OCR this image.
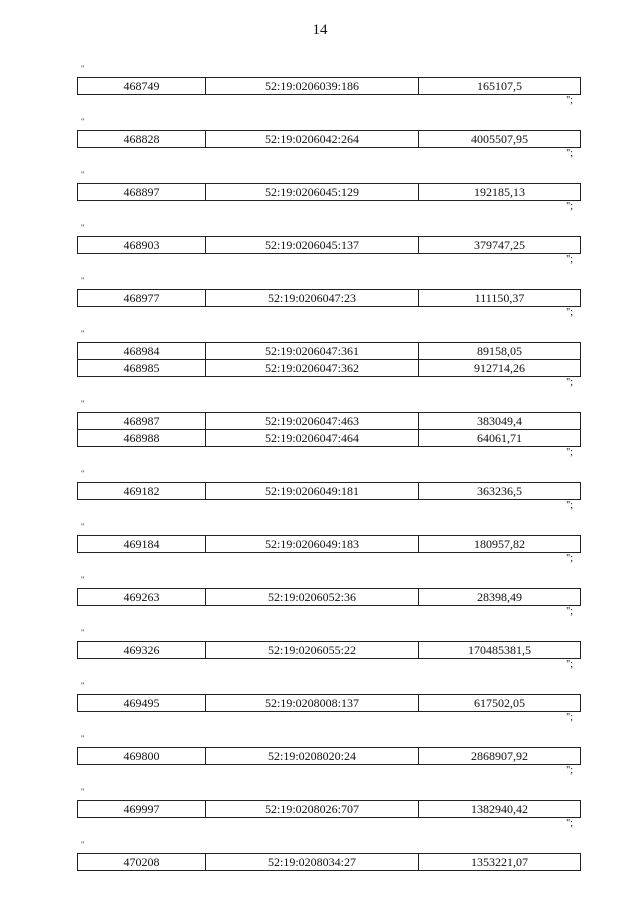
14
"
468749	52:19:0206039:186	165107,5
";
"
468828	52:19:0206042:264	4005507,95
";
"
468897	52:19:0206045:129	192185,13
";
"
468903	52:19:0206045:137	379747,25
";
"
468977	52:19:0206047:23	111150,37
";
"
468984	52:19:0206047:361	89158,05
468985	52:19:0206047:362	912714,26
";
"
468987	52:19:0206047:463	383049,4
468988	52:19:0206047:464	64061,71
";
"
469182	52:19:0206049:181	363236,5
";
"
469184	52:19:0206049:183	180957,82
";
"
469263	52:19:0206052:36	28398,49
";
"
469326	52:19:0206055:22	170485381,5
";
"
469495	52:19:0208008:137	617502,05
";
"
469800	52:19:0208020:24	2868907,92
";
"
469997	52:19:0208026:707	1382940,42
";
"
470208	52:19:0208034:27	1353221,07
